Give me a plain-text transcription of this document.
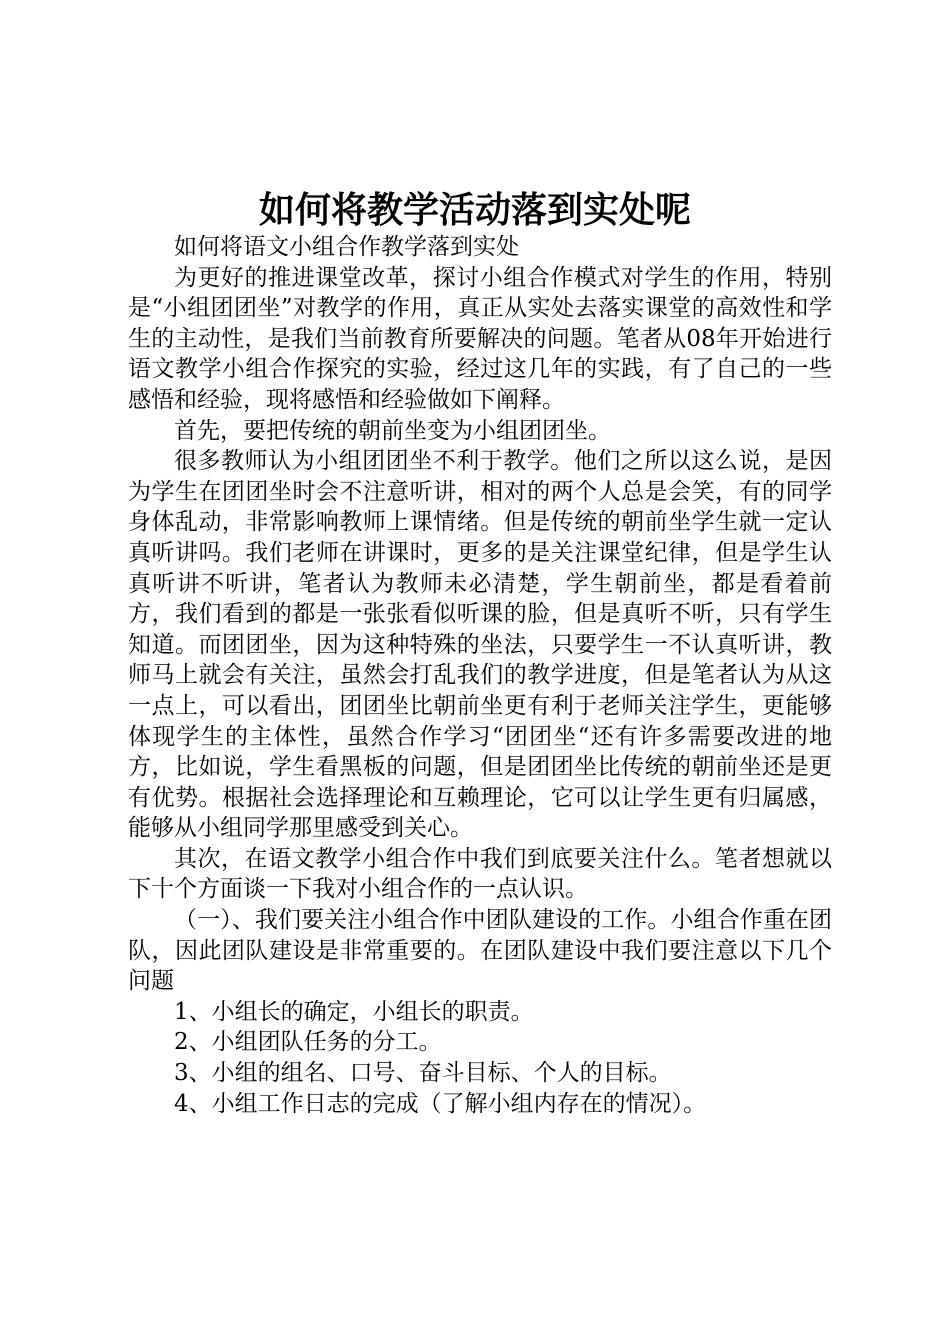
如何将教学活动落到实处呢

如何将语文小组合作教学落到实处

为更好的推进课堂改革，探讨小组合作模式对学生的作用，特别是“小组团团坐”对教学的作用，真正从实处去落实课堂的高效性和学生的主动性，是我们当前教育所要解决的问题。笔者从08年开始进行语文教学小组合作探究的实验，经过这几年的实践，有了自己的一些感悟和经验，现将感悟和经验做如下阐释。

首先，要把传统的朝前坐变为小组团团坐。

很多教师认为小组团团坐不利于教学。他们之所以这么说，是因为学生在团团坐时会不注意听讲，相对的两个人总是会笑，有的同学身体乱动，非常影响教师上课情绪。但是传统的朝前坐学生就一定认真听讲吗。我们老师在讲课时，更多的是关注课堂纪律，但是学生认真听讲不听讲，笔者认为教师未必清楚，学生朝前坐，都是看着前方，我们看到的都是一张张看似听课的脸，但是真听不听，只有学生知道。而团团坐，因为这种特殊的坐法，只要学生一不认真听讲，教师马上就会有关注，虽然会打乱我们的教学进度，但是笔者认为从这一点上，可以看出，团团坐比朝前坐更有利于老师关注学生，更能够体现学生的主体性，虽然合作学习“团团坐“还有许多需要改进的地方，比如说，学生看黑板的问题，但是团团坐比传统的朝前坐还是更有优势。根据社会选择理论和互赖理论，它可以让学生更有归属感，能够从小组同学那里感受到关心。

其次，在语文教学小组合作中我们到底要关注什么。笔者想就以下十个方面谈一下我对小组合作的一点认识。

（一）、我们要关注小组合作中团队建设的工作。小组合作重在团队，因此团队建设是非常重要的。在团队建设中我们要注意以下几个问题

1、小组长的确定，小组长的职责。

2、小组团队任务的分工。

3、小组的组名、口号、奋斗目标、个人的目标。

4、小组工作日志的完成（了解小组内存在的情况）。
